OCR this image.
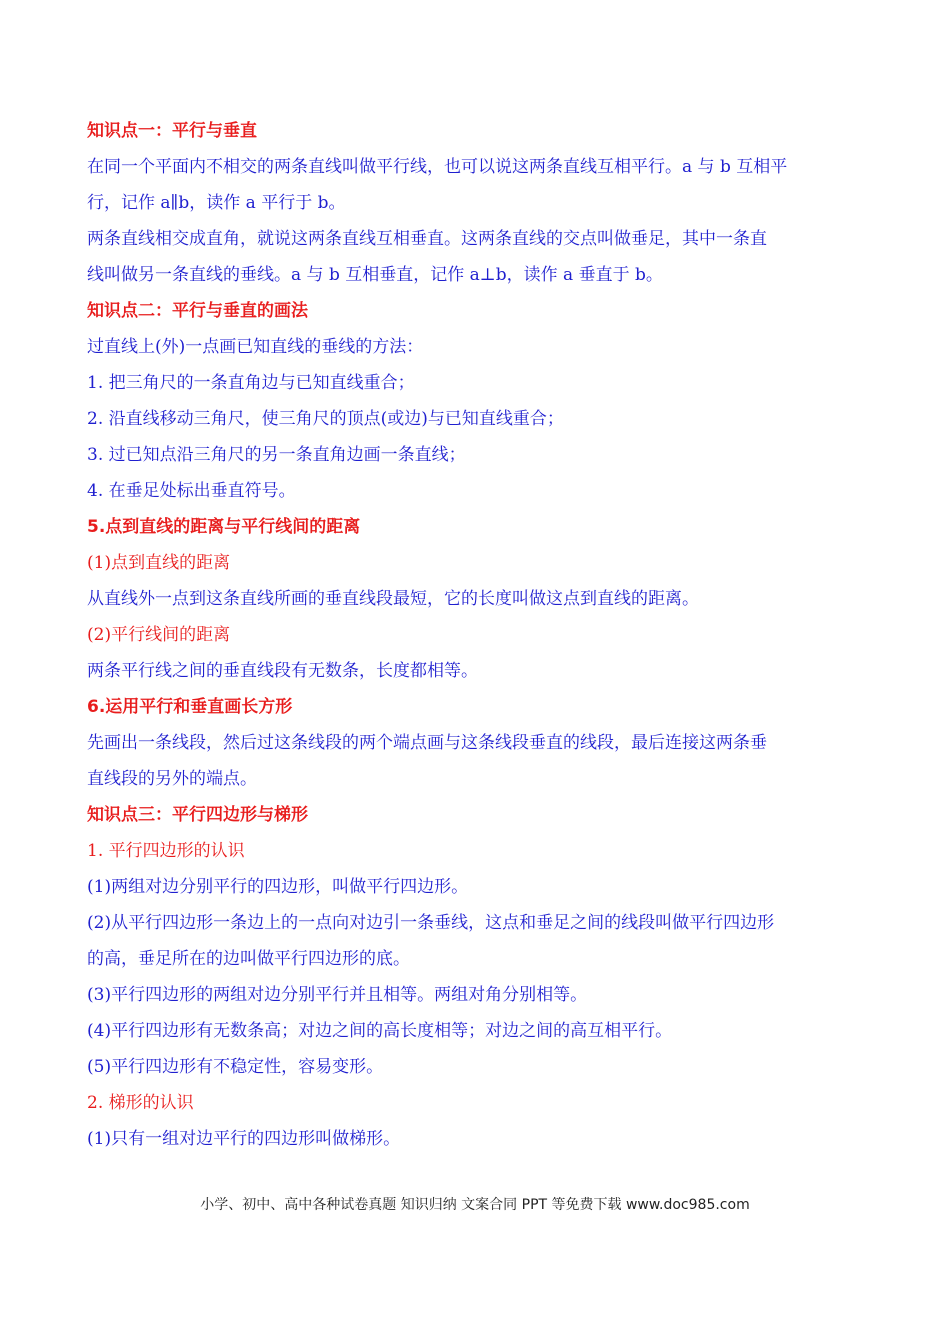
知识点一：平行与垂直
在同一个平面内不相交的两条直线叫做平行线，也可以说这两条直线互相平行。a 与 b 互相平
行，记作 a∥b，读作 a 平行于 b。
两条直线相交成直角，就说这两条直线互相垂直。这两条直线的交点叫做垂足，其中一条直
线叫做另一条直线的垂线。a 与 b 互相垂直，记作 a⊥b，读作 a 垂直于 b。
知识点二：平行与垂直的画法
过直线上(外)一点画已知直线的垂线的方法：
1. 把三角尺的一条直角边与已知直线重合；
2. 沿直线移动三角尺，使三角尺的顶点(或边)与已知直线重合；
3. 过已知点沿三角尺的另一条直角边画一条直线；
4. 在垂足处标出垂直符号。
5.点到直线的距离与平行线间的距离
(1)点到直线的距离
从直线外一点到这条直线所画的垂直线段最短，它的长度叫做这点到直线的距离。
(2)平行线间的距离
两条平行线之间的垂直线段有无数条，长度都相等。
6.运用平行和垂直画长方形
先画出一条线段，然后过这条线段的两个端点画与这条线段垂直的线段，最后连接这两条垂
直线段的另外的端点。
知识点三：平行四边形与梯形
1. 平行四边形的认识
(1)两组对边分别平行的四边形，叫做平行四边形。
(2)从平行四边形一条边上的一点向对边引一条垂线，这点和垂足之间的线段叫做平行四边形
的高，垂足所在的边叫做平行四边形的底。
(3)平行四边形的两组对边分别平行并且相等。两组对角分别相等。
(4)平行四边形有无数条高；对边之间的高长度相等；对边之间的高互相平行。
(5)平行四边形有不稳定性，容易变形。
2. 梯形的认识
(1)只有一组对边平行的四边形叫做梯形。
小学、初中、高中各种试卷真题 知识归纳 文案合同 PPT 等免费下载 www.doc985.com
